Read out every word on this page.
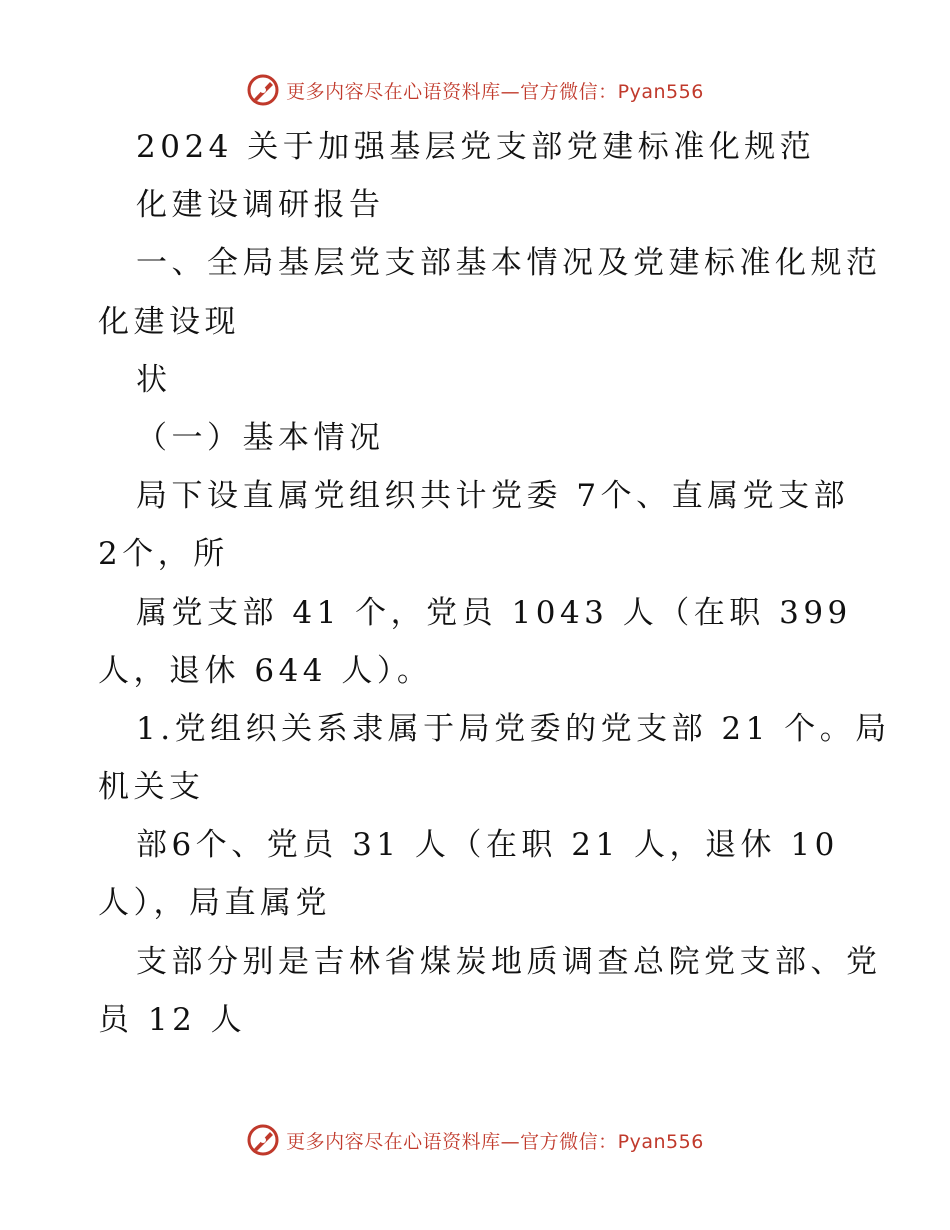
更多内容尽在心语资料库—官方微信：Pyan556
2024 关于加强基层党支部党建标准化规范
化建设调研报告
一、全局基层党支部基本情况及党建标准化规范
化建设现
状
（一）基本情况
局下设直属党组织共计党委 7个、直属党支部
2个，所
属党支部 41 个，党员 1043 人（在职 399
人，退休 644 人）。
1.党组织关系隶属于局党委的党支部 21 个。局
机关支
部6个、党员 31 人（在职 21 人，退休 10
人），局直属党
支部分别是吉林省煤炭地质调查总院党支部、党
员 12 人
更多内容尽在心语资料库—官方微信：Pyan556
